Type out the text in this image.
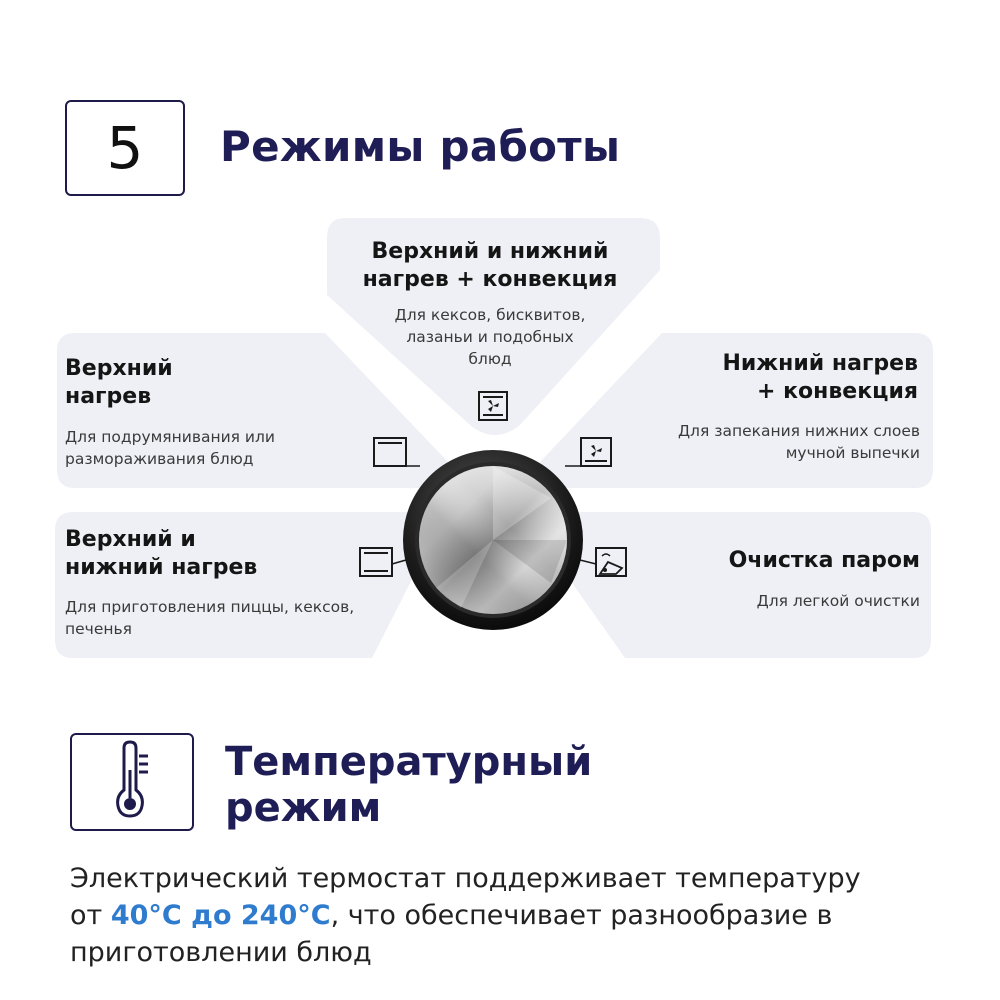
5 Режимы работы
Верхний и нижний
нагрев + конвекция
Для кексов, бисквитов,
лазаньи и подобных
блюд
Верхний
нагрев
Для подрумянивания или
размораживания блюд
Нижний нагрев
+ конвекция
Для запекания нижних слоев
мучной выпечки
Верхний и
нижний нагрев
Для приготовления пиццы, кексов,
печенья
Очистка паром
Для легкой очистки
Температурный
режим
Электрический термостат поддерживает температуру
от 40°C до 240°C, что обеспечивает разнообразие в
приготовлении блюд
